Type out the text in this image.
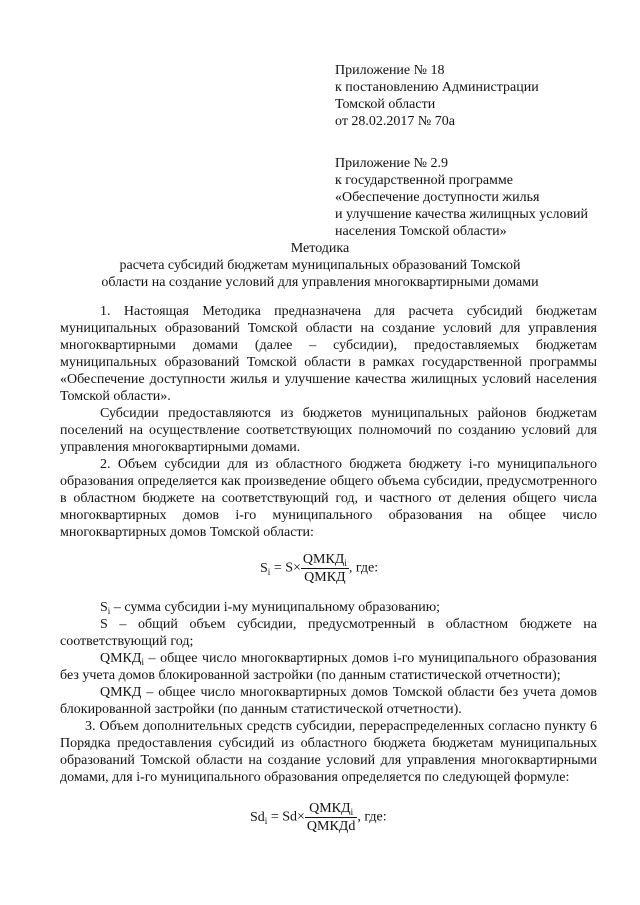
Приложение № 18
к постановлению Администрации
Томской области
от 28.02.2017 № 70а
Приложение № 2.9
к государственной программе
«Обеспечение доступности жилья
и улучшение качества жилищных условий
населения Томской области»
Методика
расчета субсидий бюджетам муниципальных образований Томской
области на создание условий для управления многоквартирными домами

1. Настоящая Методика предназначена для расчета субсидий бюджетам муниципальных образований Томской области на создание условий для управления многоквартирными домами (далее – субсидии), предоставляемых бюджетам муниципальных образований Томской области в рамках государственной программы «Обеспечение доступности жилья и улучшение качества жилищных условий населения Томской области».

Субсидии предоставляются из бюджетов муниципальных районов бюджетам поселений на осуществление соответствующих полномочий по созданию условий для управления многоквартирными домами.

2. Объем субсидии для из областного бюджета бюджету i-го муниципального образования определяется как произведение общего объема субсидии, предусмотренного в областном бюджете на соответствующий год, и частного от деления общего числа многоквартирных домов i-го муниципального образования на общее число многоквартирных домов Томской области:

$S_i = S\times \frac{QМКД_i}{\text{QМКД}}$ , где:

$S_i$ – сумма субсидии i-му муниципальному образованию;

S – общий объем субсидии, предусмотренный в областном бюджете на соответствующий год;

$QМКД_i$ – общее число многоквартирных домов i-го муниципального образования без учета домов блокированной застройки (по данным статистической отчетности);

QМКД – общее число многоквартирных домов Томской области без учета домов блокированной застройки (по данным статистической отчетности).

3. Объем дополнительных средств субсидии, перераспределенных согласно пункту 6 Порядка предоставления субсидий из областного бюджета бюджетам муниципальных образований Томской области на создание условий для управления многоквартирными домами, для i-го муниципального образования определяется по следующей формуле:

$Sd_i = Sd\times \frac{QМКД_i}{\text{QМКДd}}$ , где:
